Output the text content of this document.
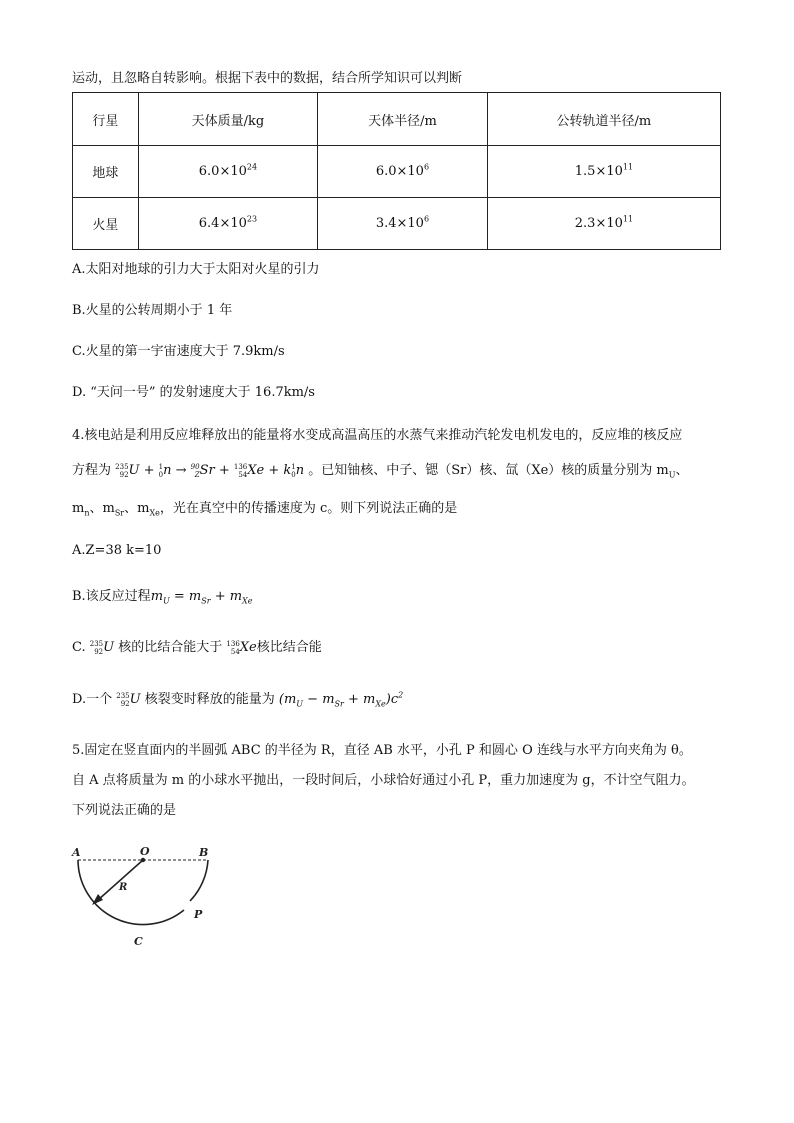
运动，且忽略自转影响。根据下表中的数据，结合所学知识可以判断
行星	天体质量/kg	天体半径/m	公转轨道半径/m
地球	$6.0\times 10^{24}$	$6.0\times 10^6$	$1.5\times 10^{11}$
火星	$6.4\times 10^{23}$	$3.4\times 10^6$	$2.3\times 10^{11}$
A.太阳对地球的引力大于太阳对火星的引力
B.火星的公转周期小于 1 年
C.火星的第一宇宙速度大于 7.9km/s
D. “天问一号” 的发射速度大于 16.7km/s
4.核电站是利用反应堆释放出的能量将水变成高温高压的水蒸气来推动汽轮发电机发电的，反应堆的核反应
方程为 235
92 U + 1
0 n → 90
Z Sr + 136
54 Xe + k 1
0 n 。已知铀核、中子、锶（Sr）核、氙（Xe）核的质量分别为 $m_U$、
$m_n$、$m_{Sr}$、$m_{Xe}$，光在真空中的传播速度为 c。则下列说法正确的是
A.Z=38 k=10
B.该反应过程$m_U = m_{Sr} + m_{Xe}$
C. 235
92 U 核的比结合能大于 136
54 Xe核比结合能
D.一个 235
92 U 核裂变时释放的能量为 $(m_U - m_{Sr} + m_{Xe})c^2$
5.固定在竖直面内的半圆弧 ABC 的半径为 R，直径 AB 水平，小孔 P 和圆心 O 连线与水平方向夹角为 θ。
自 A 点将质量为 m 的小球水平抛出，一段时间后，小球恰好通过小孔 P，重力加速度为 g，不计空气阻力。
下列说法正确的是
A	O	B
R
P
C
